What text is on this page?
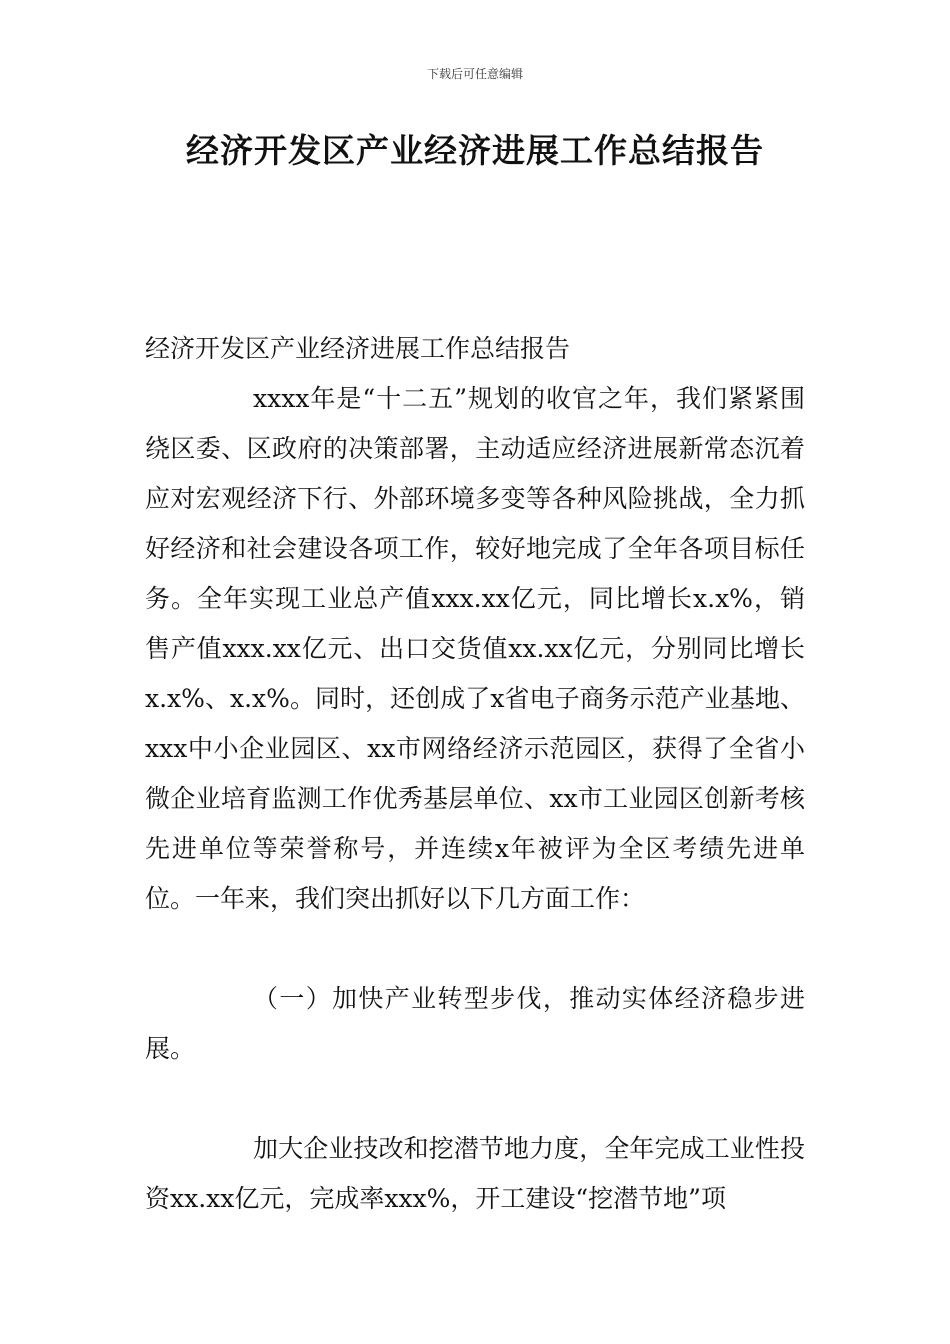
下载后可任意编辑
经济开发区产业经济进展工作总结报告

经济开发区产业经济进展工作总结报告

xxxx年是“十二五”规划的收官之年，我们紧紧围绕区委、区政府的决策部署，主动适应经济进展新常态沉着应对宏观经济下行、外部环境多变等各种风险挑战，全力抓好经济和社会建设各项工作，较好地完成了全年各项目标任务。全年实现工业总产值xxx.xx亿元，同比增长x.x%，销售产值xxx.xx亿元、出口交货值xx.xx亿元，分别同比增长x.x%、x.x%。同时，还创成了x省电子商务示范产业基地、xxx中小企业园区、xx市网络经济示范园区，获得了全省小微企业培育监测工作优秀基层单位、xx市工业园区创新考核先进单位等荣誉称号，并连续x年被评为全区考绩先进单位。一年来，我们突出抓好以下几方面工作：

（一）加快产业转型步伐，推动实体经济稳步进展。

加大企业技改和挖潜节地力度，全年完成工业性投资xx.xx亿元，完成率xxx%，开工建设“挖潜节地”项
